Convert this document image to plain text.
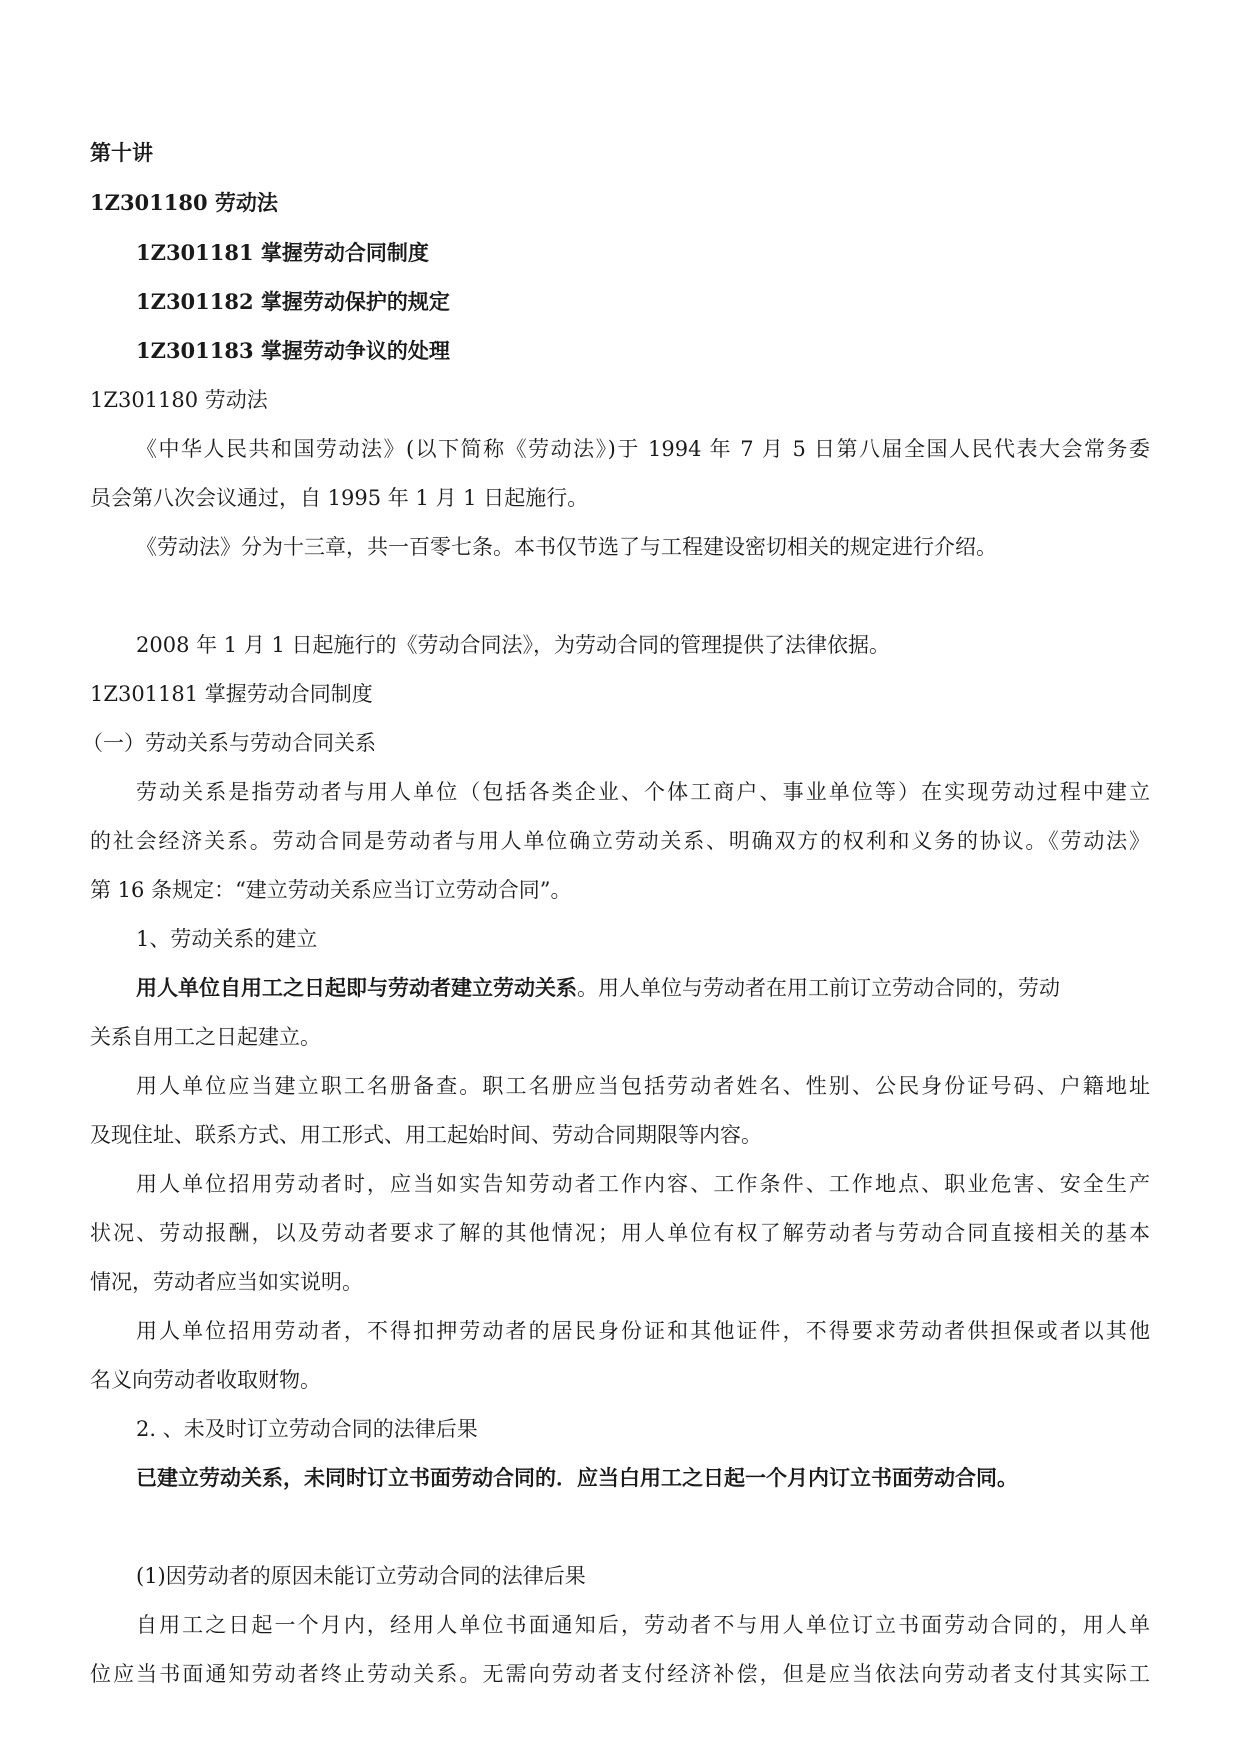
第十讲
1Z301180 劳动法
1Z301181 掌握劳动合同制度
1Z301182 掌握劳动保护的规定
1Z301183 掌握劳动争议的处理
1Z301180 劳动法
《中华人民共和国劳动法》(以下简称《劳动法》)于 1994 年 7 月 5 日第八届全国人民代表大会常务委
员会第八次会议通过，自 1995 年 1 月 1 日起施行。
《劳动法》分为十三章，共一百零七条。本书仅节选了与工程建设密切相关的规定进行介绍。
2008 年 1 月 1 日起施行的《劳动合同法》，为劳动合同的管理提供了法律依据。
1Z301181 掌握劳动合同制度
（一）劳动关系与劳动合同关系
劳动关系是指劳动者与用人单位（包括各类企业、个体工商户、事业单位等）在实现劳动过程中建立
的社会经济关系。劳动合同是劳动者与用人单位确立劳动关系、明确双方的权利和义务的协议。《劳动法》
第 16 条规定：“建立劳动关系应当订立劳动合同”。
1、劳动关系的建立
用人单位自用工之日起即与劳动者建立劳动关系。用人单位与劳动者在用工前订立劳动合同的，劳动
关系自用工之日起建立。
用人单位应当建立职工名册备查。职工名册应当包括劳动者姓名、性别、公民身份证号码、户籍地址
及现住址、联系方式、用工形式、用工起始时间、劳动合同期限等内容。
用人单位招用劳动者时，应当如实告知劳动者工作内容、工作条件、工作地点、职业危害、安全生产
状况、劳动报酬，以及劳动者要求了解的其他情况；用人单位有权了解劳动者与劳动合同直接相关的基本
情况，劳动者应当如实说明。
用人单位招用劳动者，不得扣押劳动者的居民身份证和其他证件，不得要求劳动者供担保或者以其他
名义向劳动者收取财物。
2. 、未及时订立劳动合同的法律后果
已建立劳动关系，未同时订立书面劳动合同的．应当白用工之日起一个月内订立书面劳动合同。
(1)因劳动者的原因未能订立劳动合同的法律后果
自用工之日起一个月内，经用人单位书面通知后，劳动者不与用人单位订立书面劳动合同的，用人单
位应当书面通知劳动者终止劳动关系。无需向劳动者支付经济补偿，但是应当依法向劳动者支付其实际工
